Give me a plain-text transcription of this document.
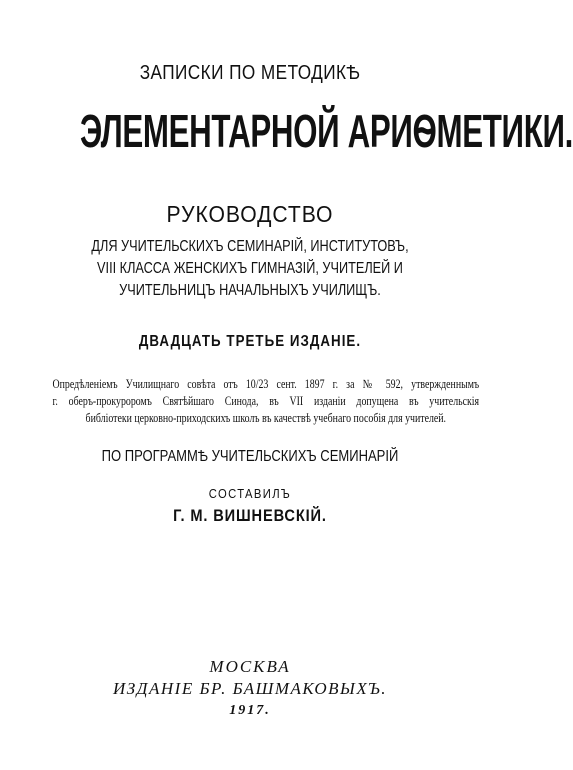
ЗАПИСКИ ПО МЕТОДИКѢ
ЭЛЕМЕНТАРНОЙ АРИѲМЕТИКИ.
РУКОВОДСТВО
ДЛЯ УЧИТЕЛЬСКИХЪ СЕМИНАРІЙ, ИНСТИТУТОВЪ,
VIII КЛАССА ЖЕНСКИХЪ ГИМНАЗІЙ, УЧИТЕЛЕЙ И
УЧИТЕЛЬНИЦЪ НАЧАЛЬНЫХЪ УЧИЛИЩЪ.
ДВАДЦАТЬ ТРЕТЬЕ ИЗДАНІЕ.
Опредѣленіемъ Училищнаго совѣта отъ 10/23 сент. 1897 г. за № 592, утвержденнымъ
г. оберъ-прокуроромъ Святѣйшаго Синода, въ VII изданіи допущена въ учительскія
библіотеки церковно-приходскихъ школъ въ качествѣ учебнаго пособія для учителей.
ПО ПРОГРАММѢ УЧИТЕЛЬСКИХЪ СЕМИНАРІЙ
СОСТАВИЛЪ
Г. М. ВИШНЕВСКІЙ.
МОСКВА
ИЗДАНІЕ БР. БАШМАКОВЫХЪ.
1917.
